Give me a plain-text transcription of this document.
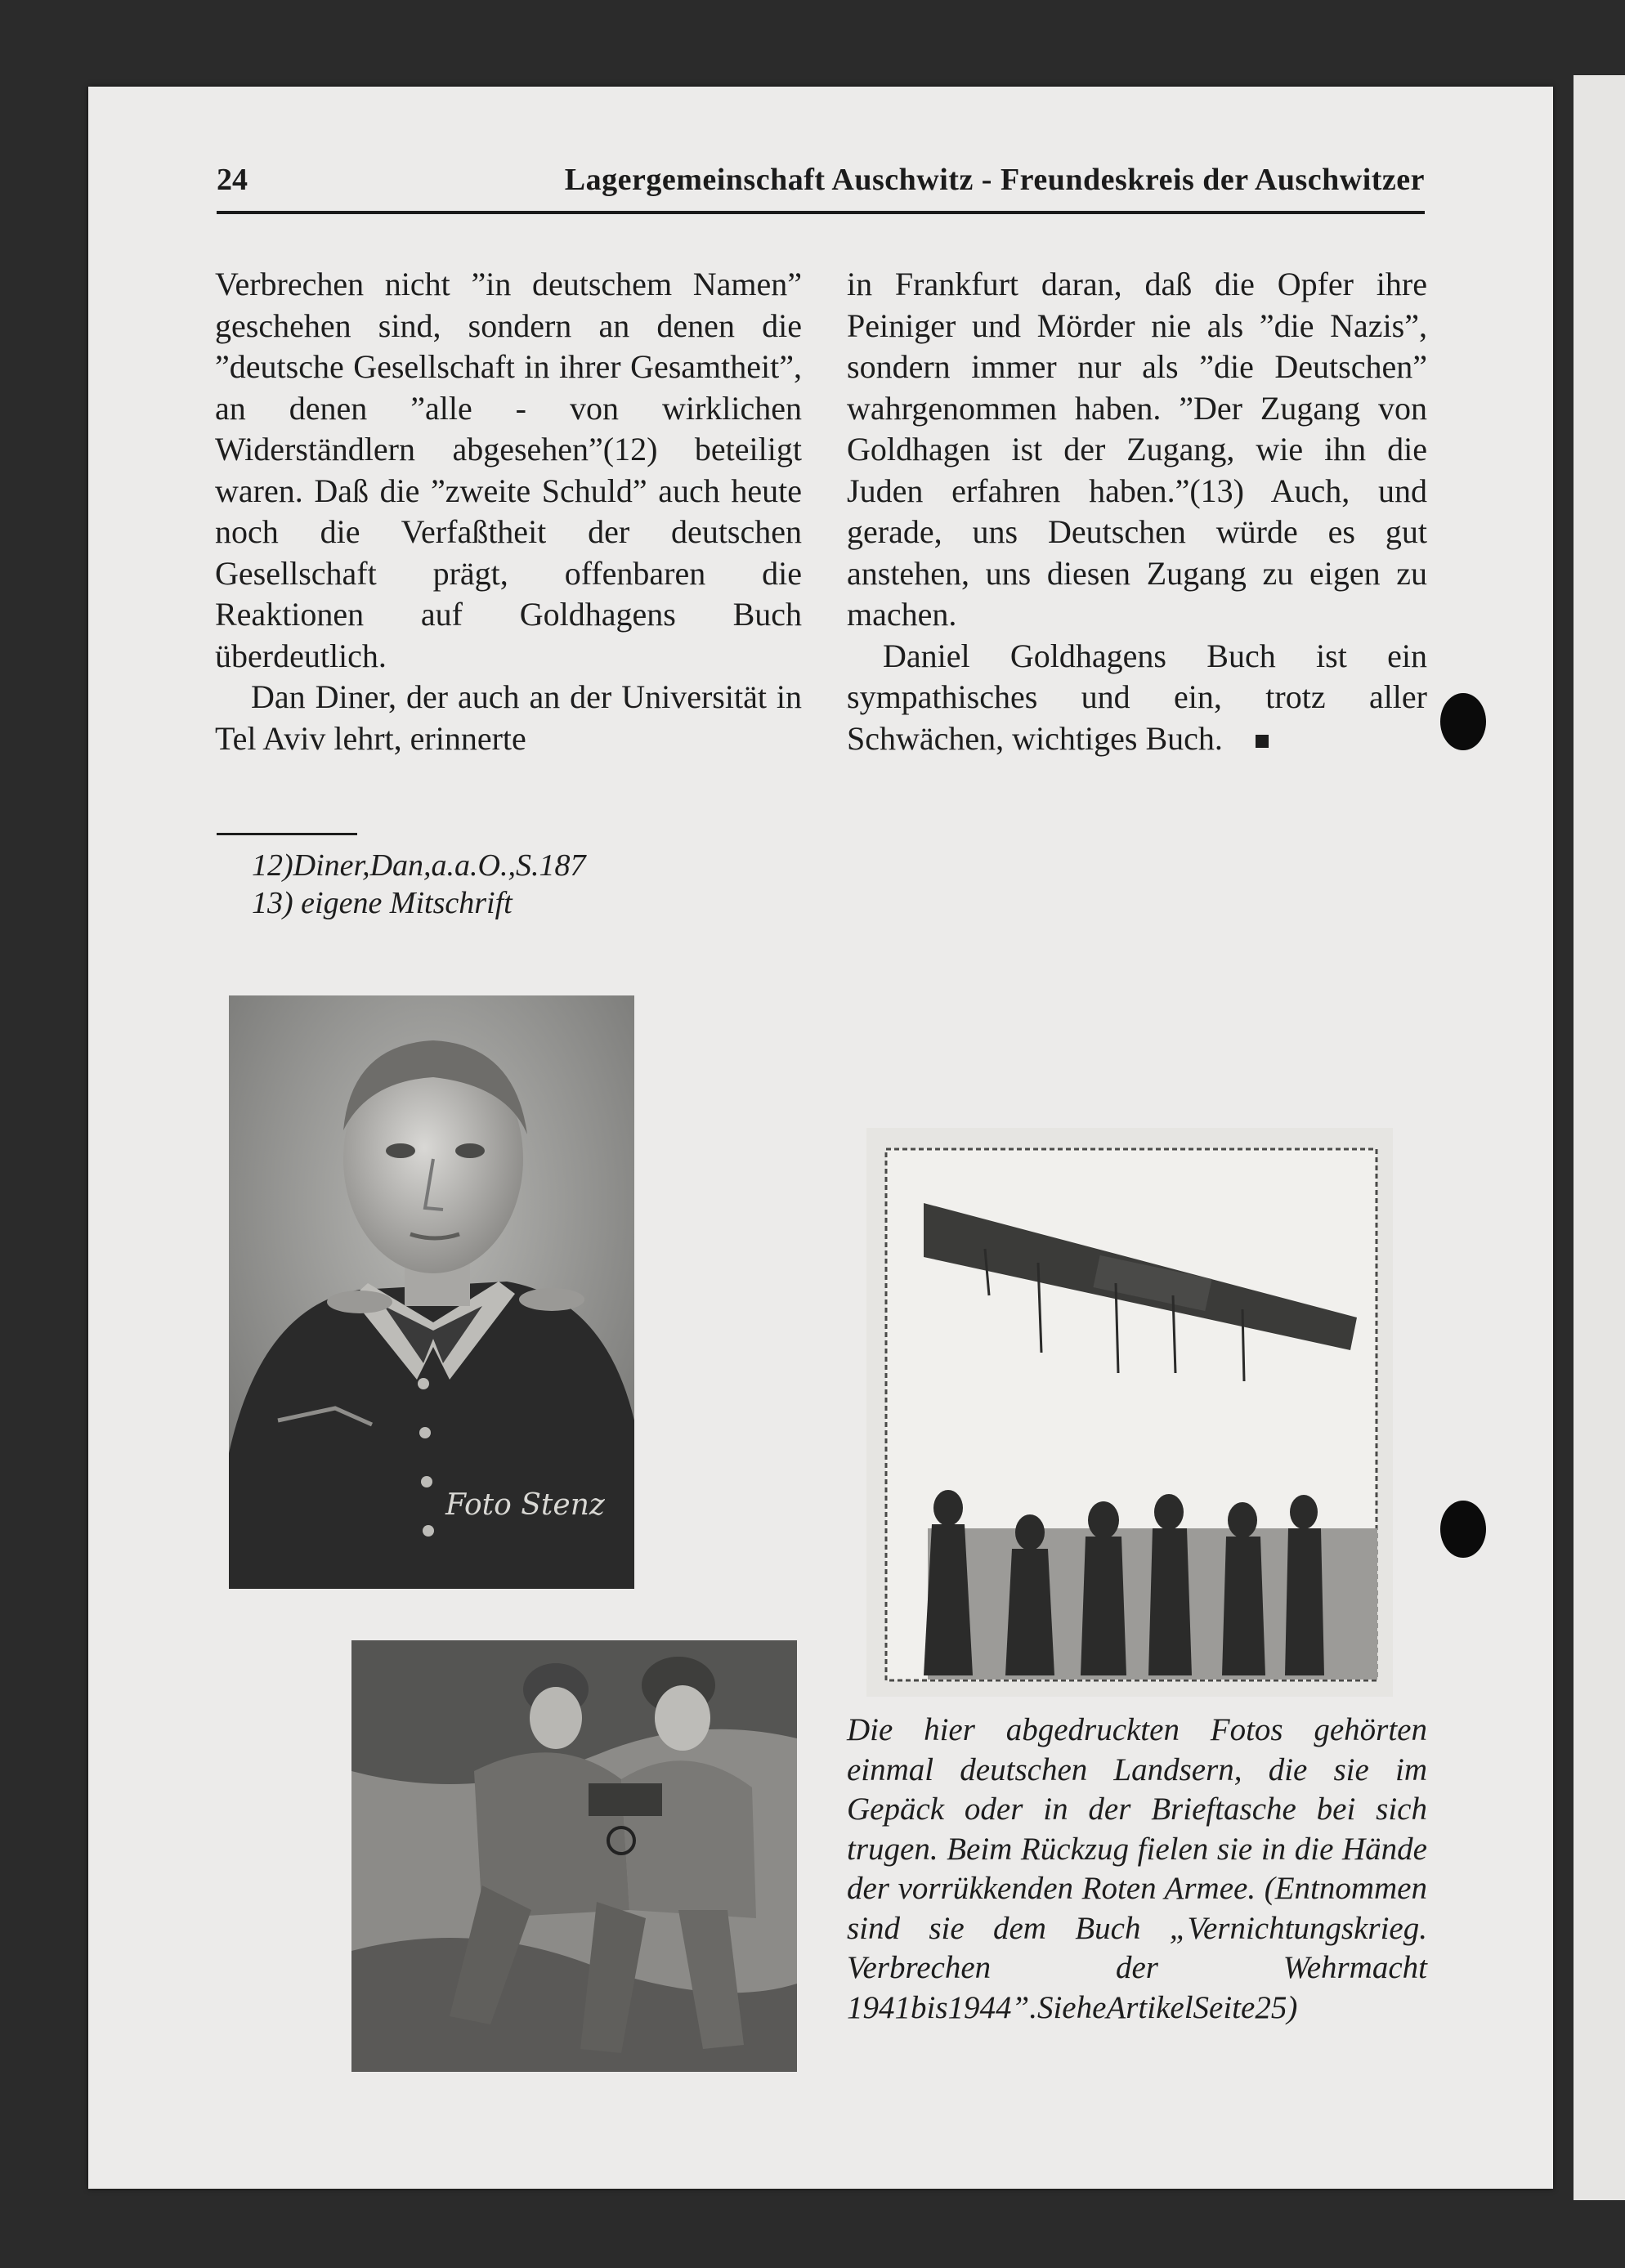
24	Lagergemeinschaft Auschwitz - Freundeskreis der Auschwitzer

Verbrechen nicht ”in deutschem Namen” geschehen sind, sondern an denen die ”deutsche Gesellschaft in ihrer Gesamtheit”, an denen ”alle - von wirklichen Widerständlern abgesehen”(12) beteiligt waren. Daß die ”zweite Schuld” auch heute noch die Verfaßtheit der deutschen Gesellschaft prägt, offenbaren die Reaktionen auf Goldhagens Buch überdeutlich.

Dan Diner, der auch an der Universität in Tel Aviv lehrt, erinnerte

in Frankfurt daran, daß die Opfer ihre Peiniger und Mörder nie als ”die Nazis”, sondern immer nur als ”die Deutschen” wahrgenommen haben. ”Der Zugang von Goldhagen ist der Zugang, wie ihn die Juden erfahren haben.”(13) Auch, und gerade, uns Deutschen würde es gut anstehen, uns diesen Zugang zu eigen zu machen.

Daniel Goldhagens Buch ist ein sympathisches und ein, trotz aller Schwächen, wichtiges Buch.

12)Diner,Dan,a.a.O.,S.187
13) eigene Mitschrift
Foto Stenz
Die hier abgedruckten Fotos gehörten einmal deutschen Landsern, die sie im Gepäck oder in der Brieftasche bei sich trugen. Beim Rückzug fielen sie in die Hände der vorrükkenden Roten Armee. (Entnommen sind sie dem Buch „Vernichtungskrieg. Verbrechen der Wehrmacht 1941bis1944”.SieheArtikelSeite25)
